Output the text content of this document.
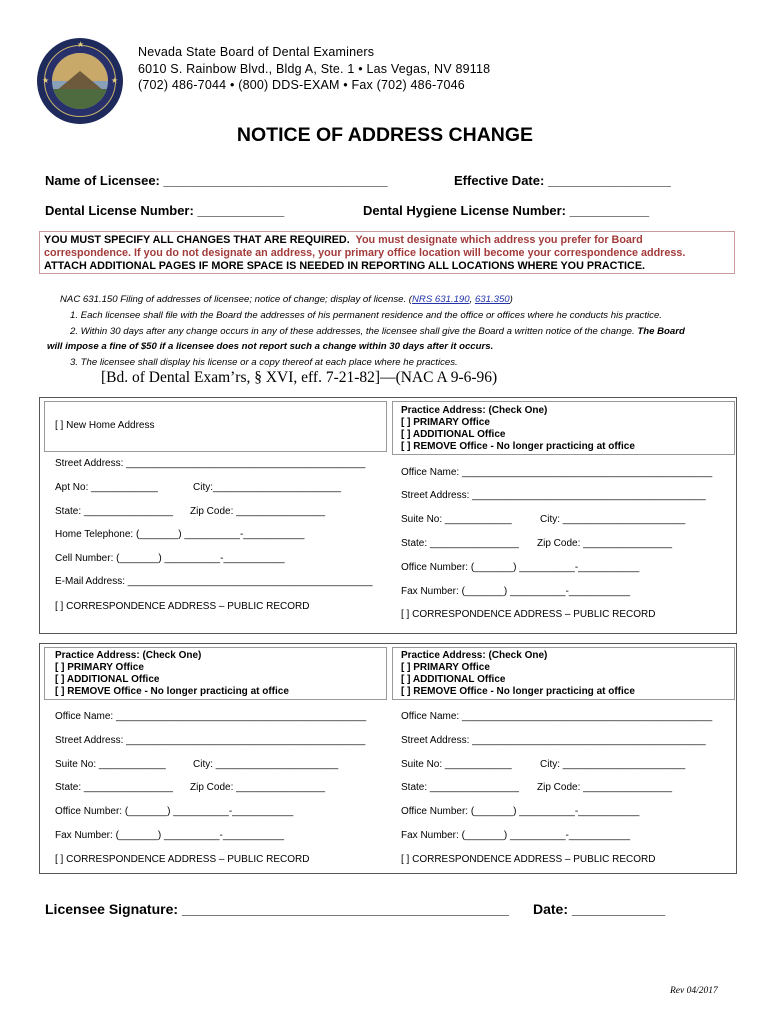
★
★	★
Nevada State Board of Dental Examiners
6010 S. Rainbow Blvd., Bldg A, Ste. 1 • Las Vegas, NV 89118
(702) 486-7044 • (800) DDS-EXAM • Fax (702) 486-7046
NOTICE OF ADDRESS CHANGE
Name of Licensee: _______________________________	Effective Date: _________________
Dental License Number: ____________	Dental Hygiene License Number: ___________
YOU MUST SPECIFY ALL CHANGES THAT ARE REQUIRED. You must designate which address you prefer for Board
correspondence. If you do not designate an address, your primary office location will become your correspondence address.
ATTACH ADDITIONAL PAGES IF MORE SPACE IS NEEDED IN REPORTING ALL LOCATIONS WHERE YOU PRACTICE.
NAC 631.150 Filing of addresses of licensee; notice of change; display of license. (NRS 631.190, 631.350)
1. Each licensee shall file with the Board the addresses of his permanent residence and the office or offices where he conducts his practice.
2. Within 30 days after any change occurs in any of these addresses, the licensee shall give the Board a written notice of the change. The Board
will impose a fine of $50 if a licensee does not report such a change within 30 days after it occurs.
3. The licensee shall display his license or a copy thereof at each place where he practices.
[Bd. of Dental Exam’rs, § XVI, eff. 7-21-82]—(NAC A 9-6-96)
[ ] New Home Address
Street Address: ___________________________________________
Apt No: ____________	City:_______________________
State: ________________ Zip Code: ________________
Home Telephone: (_______) __________-___________
Cell Number: (_______) __________-___________
E-Mail Address: ____________________________________________
[ ] CORRESPONDENCE ADDRESS – PUBLIC RECORD
Practice Address: (Check One)
[ ] PRIMARY Office
[ ] ADDITIONAL Office
[ ] REMOVE Office - No longer practicing at office
Office Name: _____________________________________________
Street Address: __________________________________________
Suite No: ____________	City: ______________________
State: ________________ Zip Code: ________________
Office Number: (_______) __________-___________
Fax Number: (_______) __________-___________
[ ] CORRESPONDENCE ADDRESS – PUBLIC RECORD
Practice Address: (Check One)
[ ] PRIMARY Office
[ ] ADDITIONAL Office
[ ] REMOVE Office - No longer practicing at office
Office Name: _____________________________________________
Street Address: ___________________________________________
Suite No: ____________	City: ______________________
State: ________________ Zip Code: ________________
Office Number: (_______) __________-___________
Fax Number: (_______) __________-___________
[ ] CORRESPONDENCE ADDRESS – PUBLIC RECORD
Practice Address: (Check One)
[ ] PRIMARY Office
[ ] ADDITIONAL Office
[ ] REMOVE Office - No longer practicing at office
Office Name: _____________________________________________
Street Address: __________________________________________
Suite No: ____________	City: ______________________
State: ________________ Zip Code: ________________
Office Number: (_______) __________-___________
Fax Number: (_______) __________-___________
[ ] CORRESPONDENCE ADDRESS – PUBLIC RECORD
Licensee Signature: __________________________________________ Date: ____________
Rev 04/2017
